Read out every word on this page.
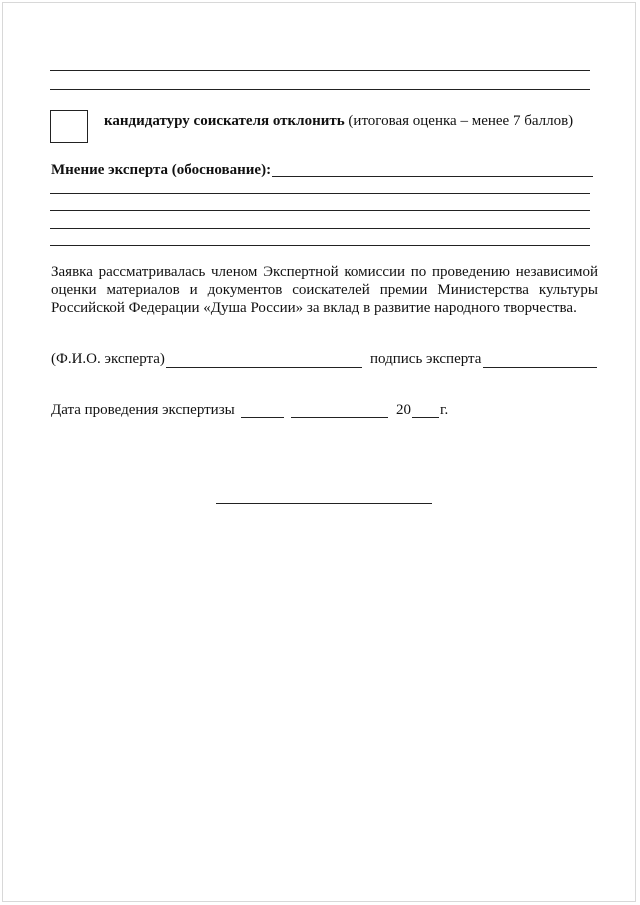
кандидатуру соискателя отклонить (итоговая оценка – менее 7 баллов)
Мнение эксперта (обоснование):
Заявка рассматривалась членом Экспертной комиссии по проведению независимой
оценки материалов и документов соискателей премии Министерства культуры
Российской Федерации «Душа России» за вклад в развитие народного творчества.
(Ф.И.О. эксперта)	подпись эксперта
Дата проведения экспертизы	20 г.
